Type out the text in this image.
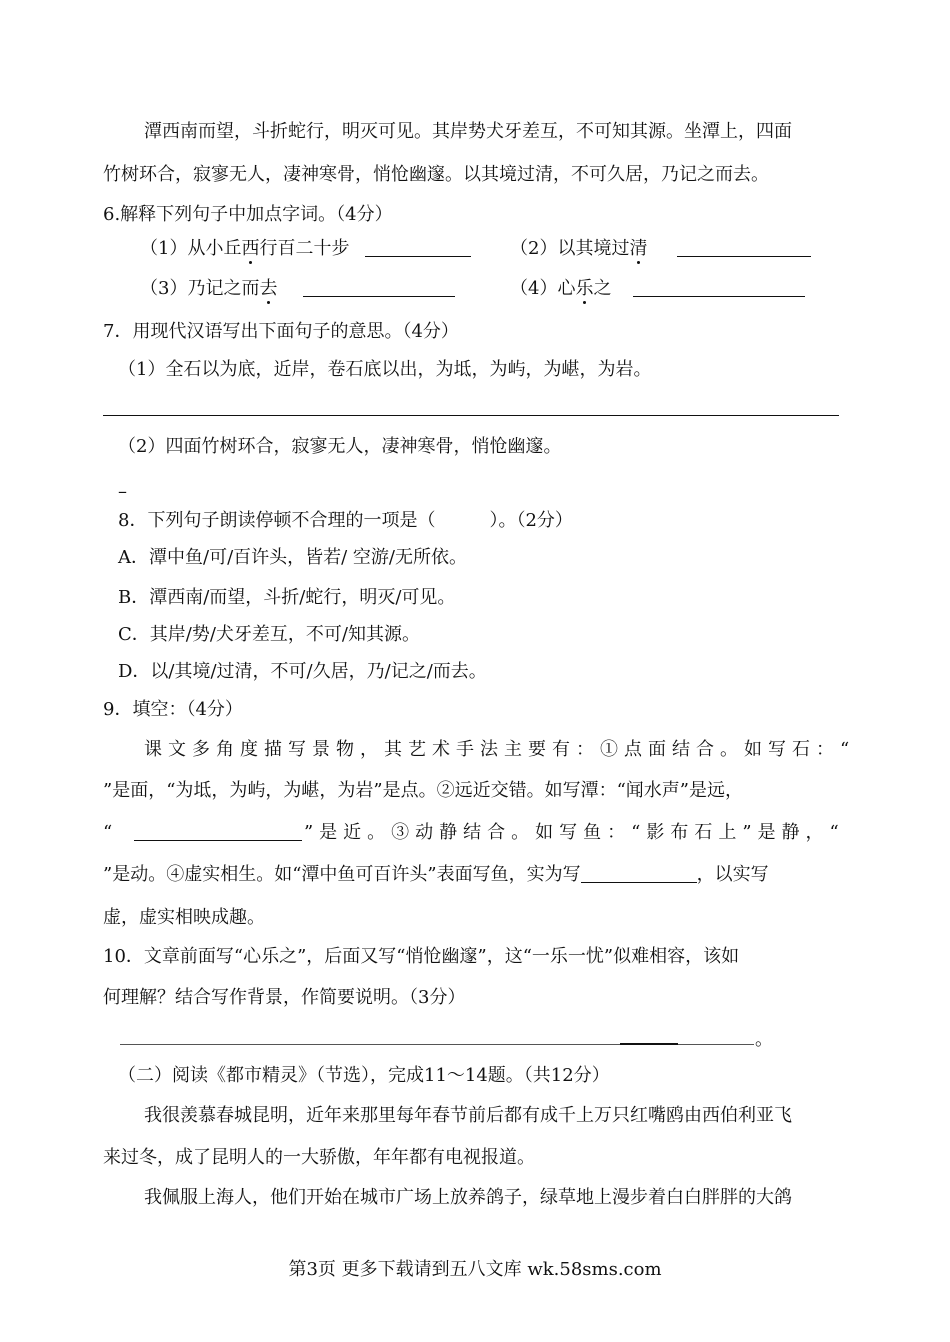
潭西南而望，斗折蛇行，明灭可见。其岸势犬牙差互，不可知其源。坐潭上，四面
竹树环合，寂寥无人，凄神寒骨，悄怆幽邃。以其境过清，不可久居，乃记之而去。
6.解释下列句子中加点字词。（4分）
（1）从小丘西行百二十步	（2）以其境过清
（3）乃记之而去	（4）心乐之
7．用现代汉语写出下面句子的意思。（4分）
（1）全石以为底，近岸，卷石底以出，为坻，为屿，为嵁，为岩。
（2）四面竹树环合，寂寥无人，凄神寒骨，悄怆幽邃。
–
8．下列句子朗读停顿不合理的一项是（　　　）。（2分）
A．潭中鱼/可/百许头，皆若/ 空游/无所依。
B．潭西南/而望，斗折/蛇行，明灭/可见。
C．其岸/势/犬牙差互，不可/知其源。
D．以/其境/过清，不可/久居，乃/记之/而去。
9．填空：（4分）
课文多角度描写景物，其艺术手法主要有：①点面结合。如写石：“
”是面，“为坻，为屿，为嵁，为岩”是点。②远近交错。如写潭：“闻水声”是远，
“	”是近。③动静结合。如写鱼：“影布石上”是静，“
”是动。④虚实相生。如“潭中鱼可百许头”表面写鱼，实为写	，以实写
虚，虚实相映成趣。
10．文章前面写“心乐之”，后面又写“悄怆幽邃”，这“一乐一忧”似难相容，该如
何理解？结合写作背景，作简要说明。（3分）
。
（二）阅读《都市精灵》（节选），完成11～14题。（共12分）
我很羡慕春城昆明，近年来那里每年春节前后都有成千上万只红嘴鸥由西伯利亚飞
来过冬，成了昆明人的一大骄傲，年年都有电视报道。
我佩服上海人，他们开始在城市广场上放养鸽子，绿草地上漫步着白白胖胖的大鸽
第3页 更多下载请到五八文库 wk.58sms.com
